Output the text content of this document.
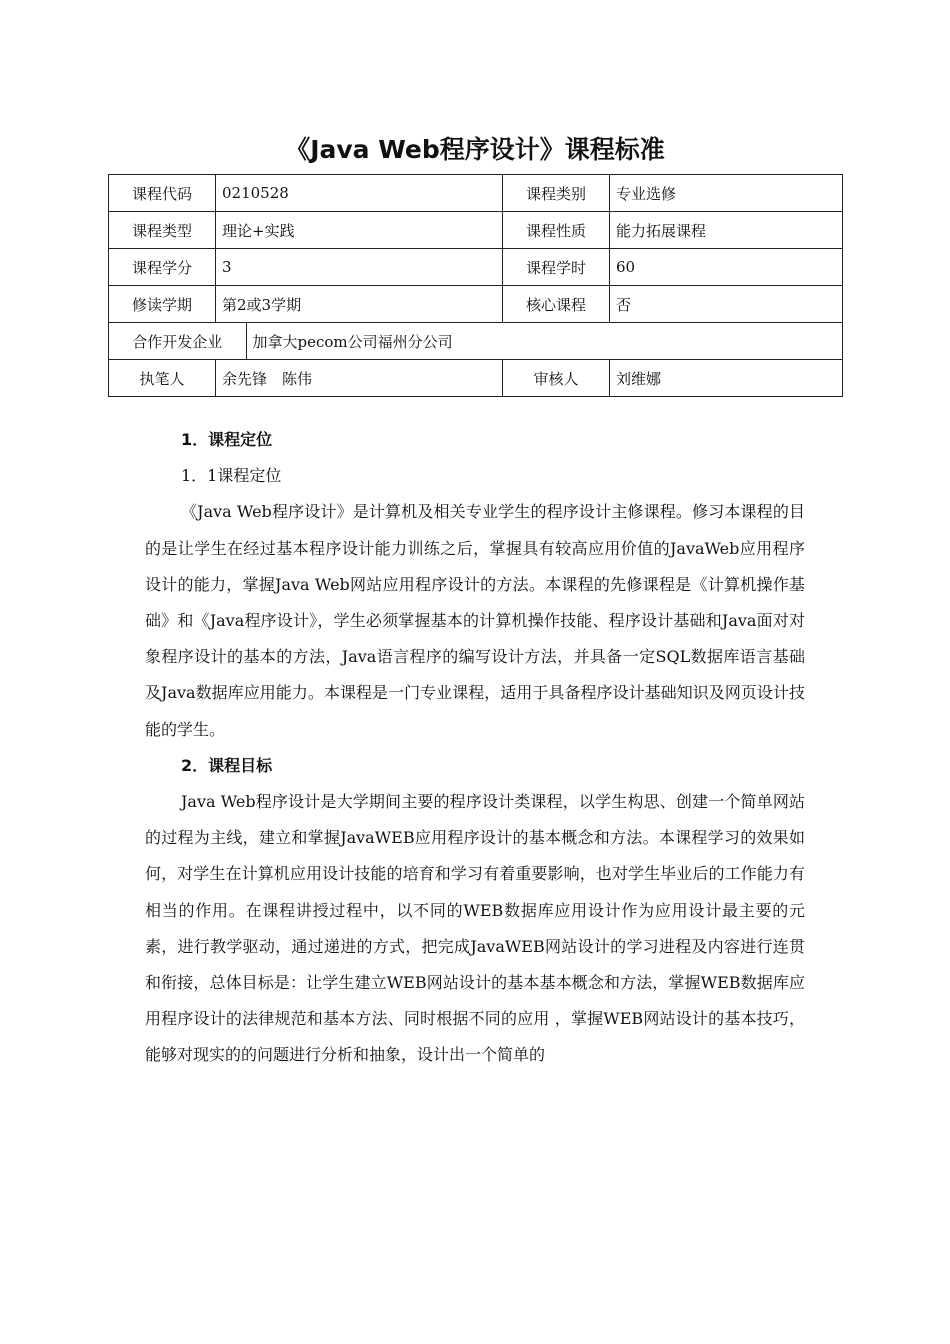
《Java Web程序设计》课程标准
课程代码	0210528	课程类别	专业选修
课程类型	理论+实践	课程性质	能力拓展课程
课程学分	3	课程学时	60
修读学期	第2或3学期	核心课程	否

合作开发企业	加拿大pecom公司福州分公司

执笔人	余先锋　陈伟	审核人	刘维娜

1．课程定位

1．1课程定位

《Java Web程序设计》是计算机及相关专业学生的程序设计主修课程。修习本课程的目的是让学生在经过基本程序设计能力训练之后，掌握具有较高应用价值的JavaWeb应用程序设计的能力，掌握Java Web网站应用程序设计的方法。本课程的先修课程是《计算机操作基础》和《Java程序设计》，学生必须掌握基本的计算机操作技能、程序设计基础和Java面对对象程序设计的基本的方法，Java语言程序的编写设计方法，并具备一定SQL数据库语言基础及Java数据库应用能力。本课程是一门专业课程，适用于具备程序设计基础知识及网页设计技能的学生。

2．课程目标

Java Web程序设计是大学期间主要的程序设计类课程，以学生构思、创建一个简单网站的过程为主线，建立和掌握JavaWEB应用程序设计的基本概念和方法。本课程学习的效果如何，对学生在计算机应用设计技能的培育和学习有着重要影响，也对学生毕业后的工作能力有相当的作用。在课程讲授过程中，以不同的WEB数据库应用设计作为应用设计最主要的元素，进行教学驱动，通过递进的方式，把完成JavaWEB网站设计的学习进程及内容进行连贯和衔接，总体目标是：让学生建立WEB网站设计的基本基本概念和方法，掌握WEB数据库应用程序设计的法律规范和基本方法、同时根据不同的应用 ，掌握WEB网站设计的基本技巧，能够对现实的的问题进行分析和抽象，设计出一个简单的
